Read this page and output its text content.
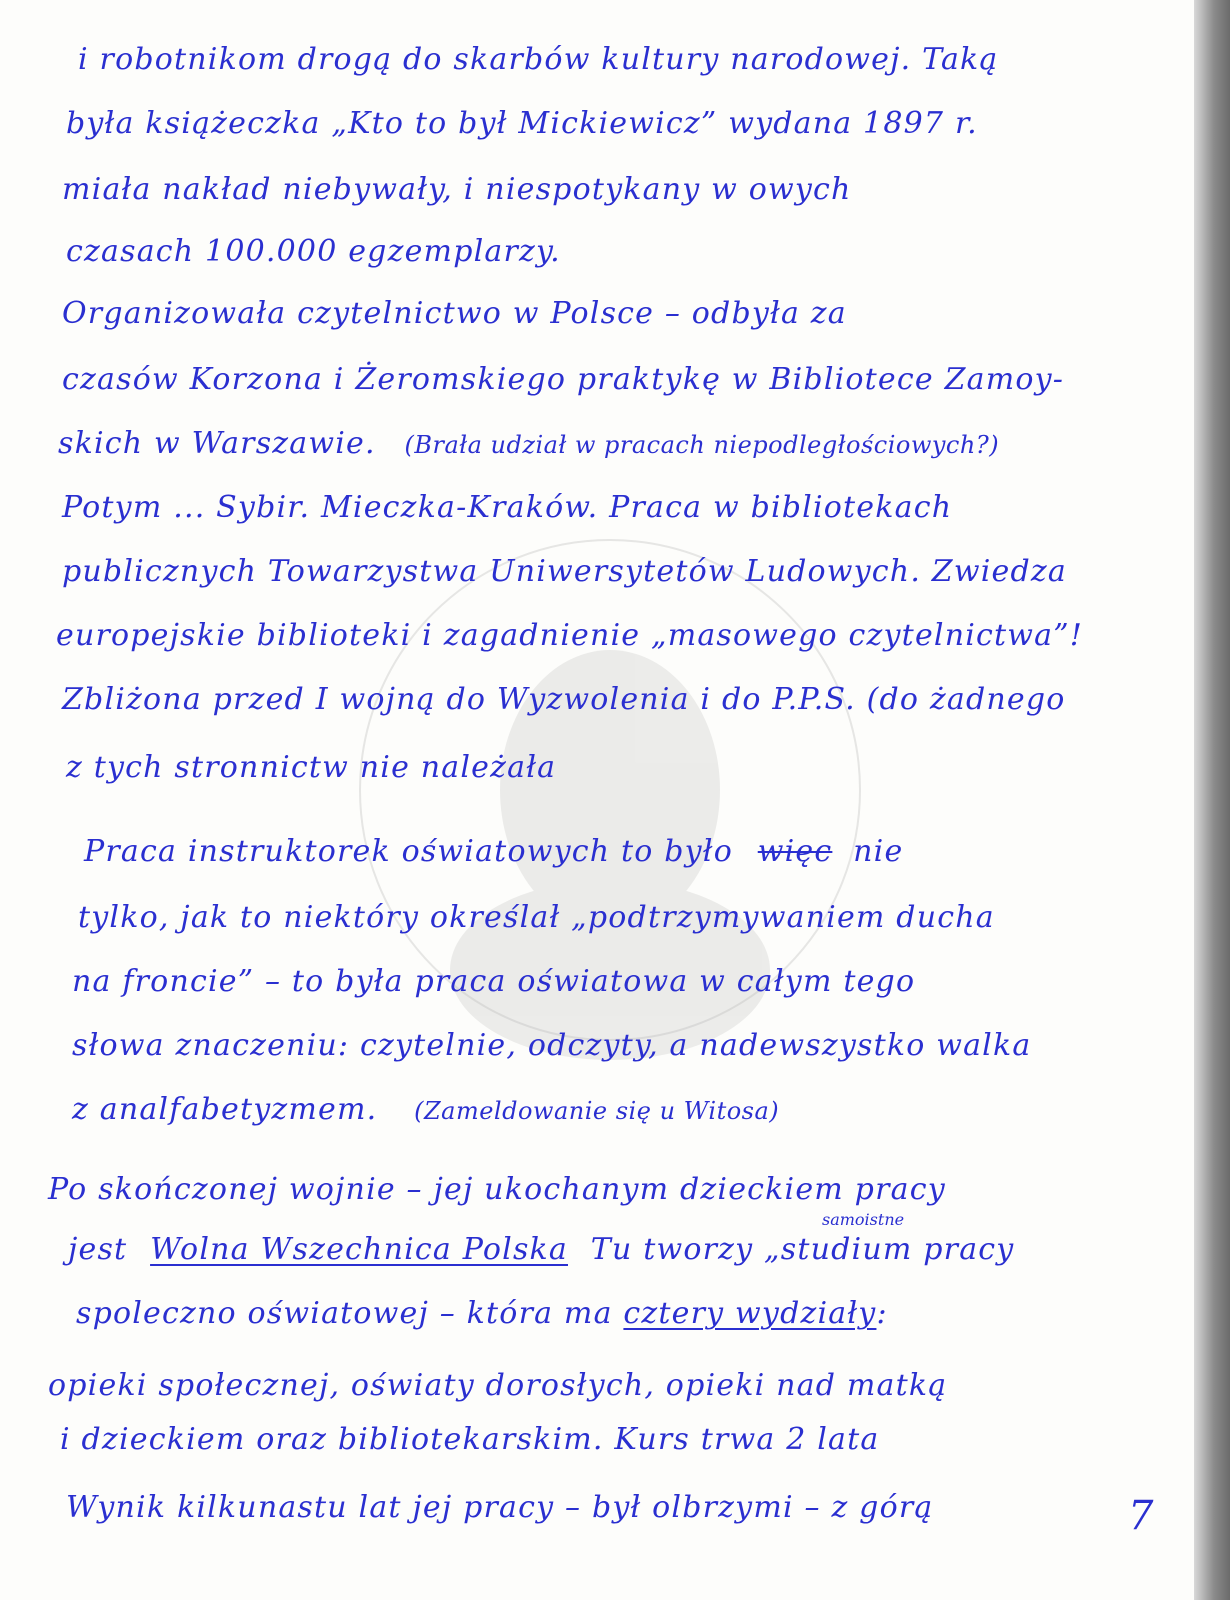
i robotnikom drogą do skarbów kultury narodowej. Taką

była książeczka „Kto to był Mickiewicz” wydana 1897 r.

miała nakład niebywały, i niespotykany w owych

czasach 100.000 egzemplarzy.

Organizowała czytelnictwo w Polsce – odbyła za

czasów Korzona i Żeromskiego praktykę w Bibliotece Zamoy-

skich w Warszawie. (Brała udział w pracach niepodległościowych?)

Potym ... Sybir. Mieczka-Kraków. Praca w bibliotekach

publicznych Towarzystwa Uniwersytetów Ludowych. Zwiedza

europejskie biblioteki i zagadnienie „masowego czytelnictwa”!

Zbliżona przed I wojną do Wyzwolenia i do P.P.S. (do żadnego

z tych stronnictw nie należała

Praca instruktorek oświatowych to było więc nie

tylko, jak to niektóry określał „podtrzymywaniem ducha

na froncie” – to była praca oświatowa w całym tego

słowa znaczeniu: czytelnie, odczyty, a nadewszystko walka

z analfabetyzmem. (Zameldowanie się u Witosa)

Po skończonej wojnie – jej ukochanym dzieckiem pracy

samoistne

jest Wolna Wszechnica Polska Tu tworzy „studium pracy

spoleczno oświatowej – która ma cztery wydziały:

opieki społecznej, oświaty dorosłych, opieki nad matką

i dzieckiem oraz bibliotekarskim. Kurs trwa 2 lata

Wynik kilkunastu lat jej pracy – był olbrzymi – z górą	7
